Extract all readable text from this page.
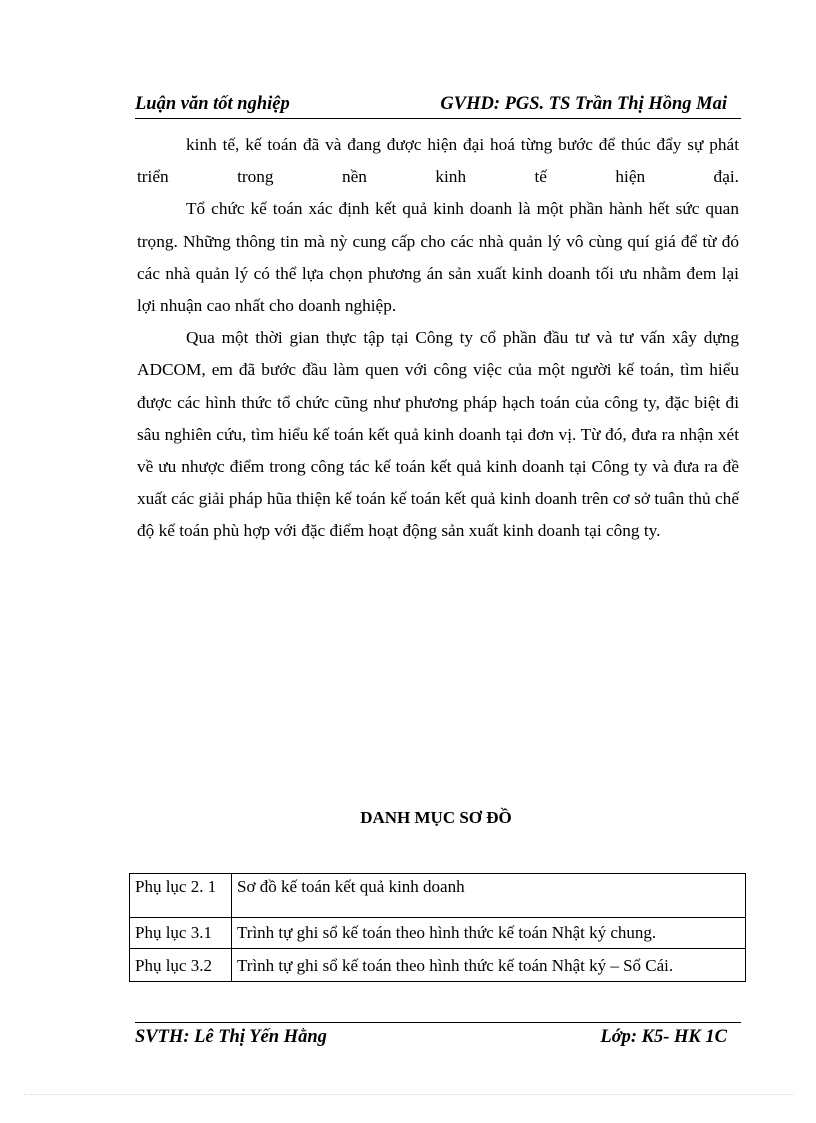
Luận văn tốt nghiệp	GVHD: PGS. TS Trần Thị Hồng Mai

kinh tế, kế toán đã và đang được hiện đại hoá từng bước để thúc đẩy sự phát triển trong nền kinh tế hiện đại.

Tổ chức kế toán xác định kết quả kinh doanh là một phần hành hết sức quan trọng. Những thông tin mà nỳ cung cấp cho các nhà quản lý vô cùng quí giá để từ đó các nhà quản lý có thể lựa chọn phương án sản xuất kinh doanh tối ưu nhằm đem lại lợi nhuận cao nhất cho doanh nghiệp.

Qua một thời gian thực tập tại Công ty cổ phần đầu tư và tư vấn xây dựng ADCOM, em đã bước đầu làm quen với công việc của một người kế toán, tìm hiểu được các hình thức tổ chức cũng như phương pháp hạch toán của công ty, đặc biệt đi sâu nghiên cứu, tìm hiểu kế toán kết quả kinh doanh tại đơn vị. Từ đó, đưa ra nhận xét về ưu nhược điểm trong công tác kế toán kết quả kinh doanh tại Công ty và đưa ra đề xuất các giải pháp hũa thiện kế toán kế toán kết quả kinh doanh trên cơ sở tuân thủ chế độ kế toán phù hợp với đặc điểm hoạt động sản xuất kinh doanh tại công ty.

DANH MỤC SƠ ĐỒ
Phụ lục 2. 1	Sơ đồ kế toán kết quả kinh doanh
Phụ lục 3.1	Trình tự ghi sổ kế toán theo hình thức kế toán Nhật ký chung.
Phụ lục 3.2	Trình tự ghi sổ kế toán theo hình thức kế toán Nhật ký – Sổ Cái.
SVTH: Lê Thị Yến Hằng	Lớp: K5- HK 1C
